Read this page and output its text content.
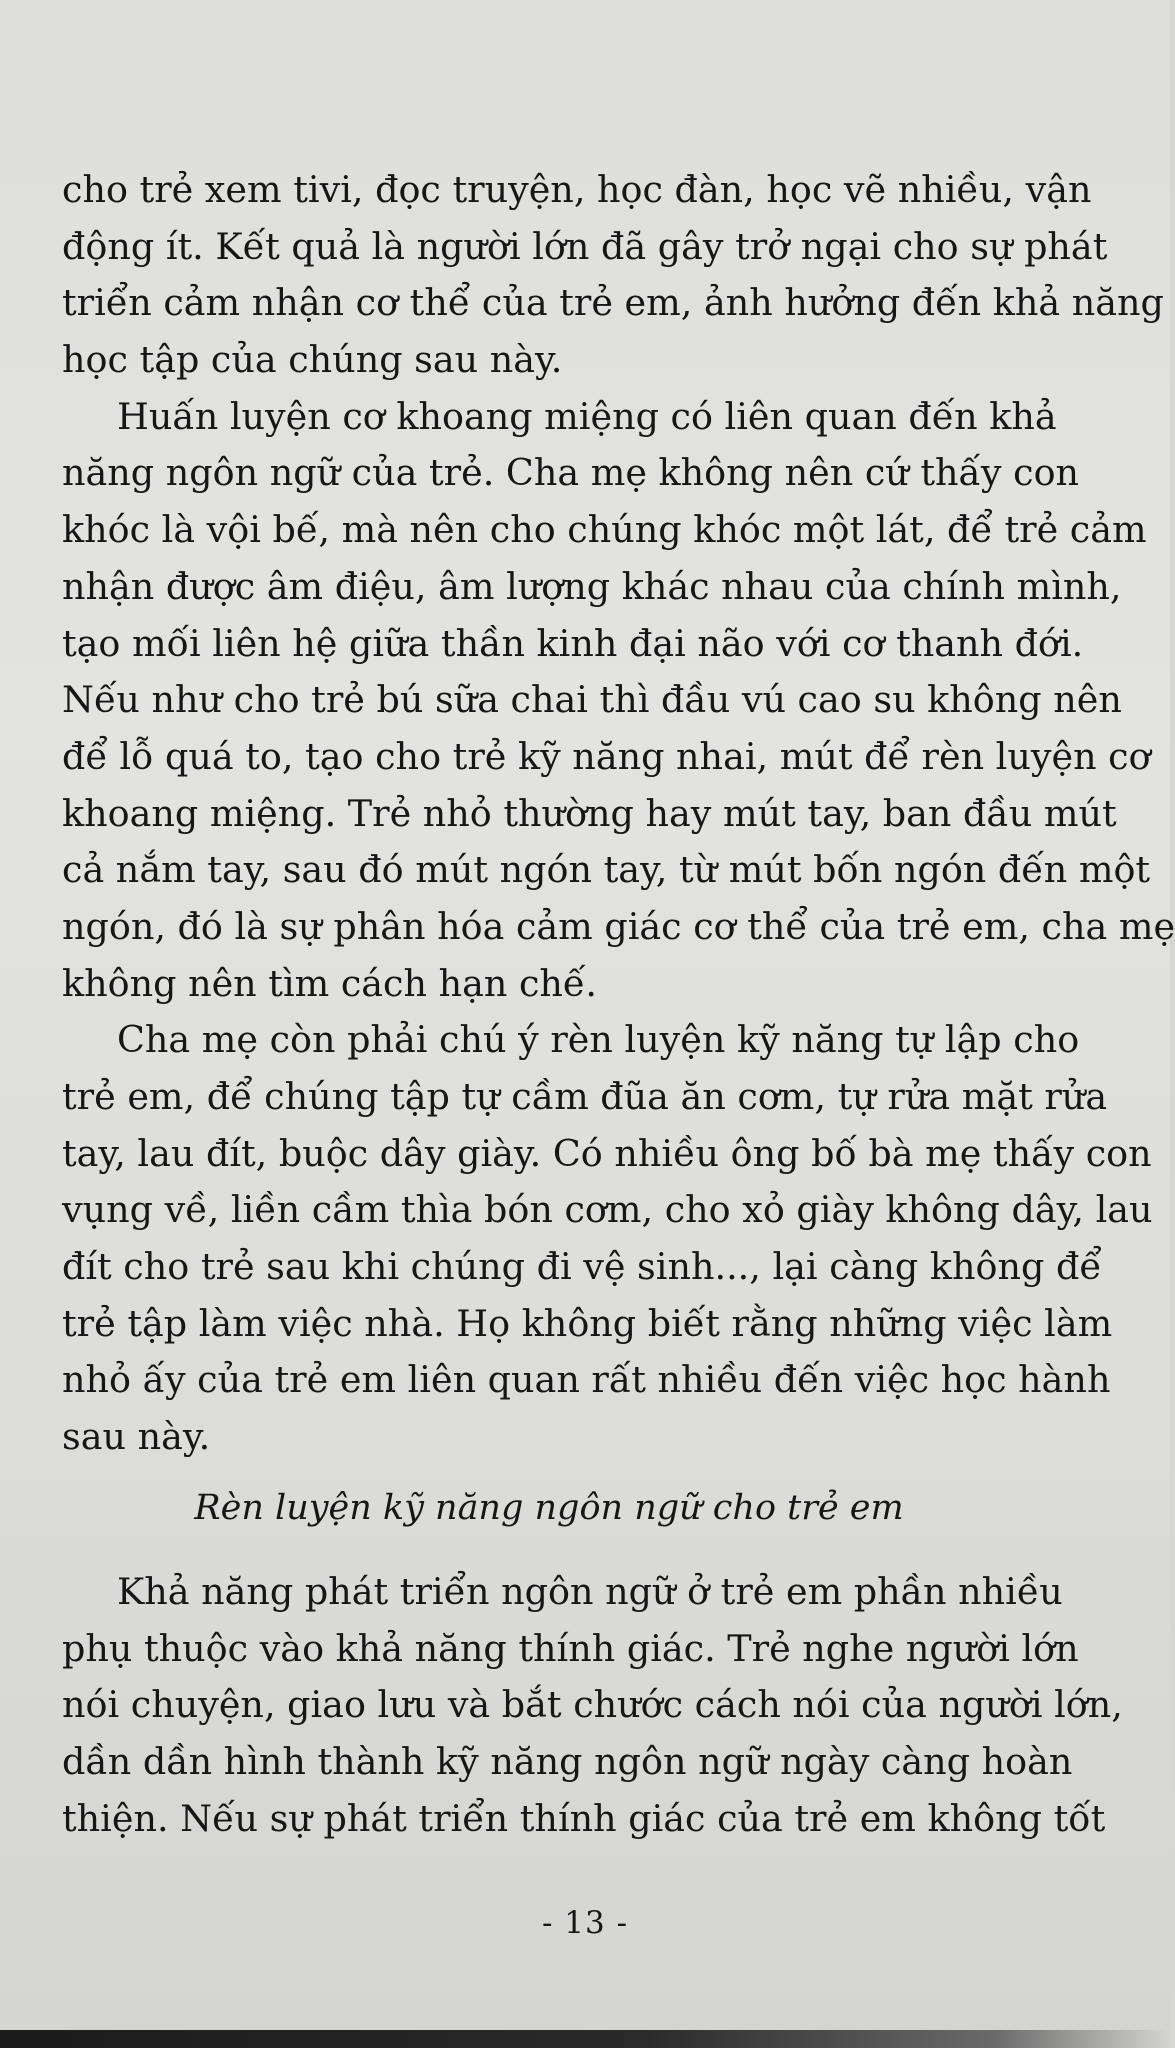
cho trẻ xem tivi, đọc truyện, học đàn, học vẽ nhiều, vận
động ít. Kết quả là người lớn đã gây trở ngại cho sự phát
triển cảm nhận cơ thể của trẻ em, ảnh hưởng đến khả năng
học tập của chúng sau này.
Huấn luyện cơ khoang miệng có liên quan đến khả
năng ngôn ngữ của trẻ. Cha mẹ không nên cứ thấy con
khóc là vội bế, mà nên cho chúng khóc một lát, để trẻ cảm
nhận được âm điệu, âm lượng khác nhau của chính mình,
tạo mối liên hệ giữa thần kinh đại não với cơ thanh đới.
Nếu như cho trẻ bú sữa chai thì đầu vú cao su không nên
để lỗ quá to, tạo cho trẻ kỹ năng nhai, mút để rèn luyện cơ
khoang miệng. Trẻ nhỏ thường hay mút tay, ban đầu mút
cả nắm tay, sau đó mút ngón tay, từ mút bốn ngón đến một
ngón, đó là sự phân hóa cảm giác cơ thể của trẻ em, cha mẹ
không nên tìm cách hạn chế.
Cha mẹ còn phải chú ý rèn luyện kỹ năng tự lập cho
trẻ em, để chúng tập tự cầm đũa ăn cơm, tự rửa mặt rửa
tay, lau đít, buộc dây giày. Có nhiều ông bố bà mẹ thấy con
vụng về, liền cầm thìa bón cơm, cho xỏ giày không dây, lau
đít cho trẻ sau khi chúng đi vệ sinh..., lại càng không để
trẻ tập làm việc nhà. Họ không biết rằng những việc làm
nhỏ ấy của trẻ em liên quan rất nhiều đến việc học hành
sau này.
Rèn luyện kỹ năng ngôn ngữ cho trẻ em
Khả năng phát triển ngôn ngữ ở trẻ em phần nhiều
phụ thuộc vào khả năng thính giác. Trẻ nghe người lớn
nói chuyện, giao lưu và bắt chước cách nói của người lớn,
dần dần hình thành kỹ năng ngôn ngữ ngày càng hoàn
thiện. Nếu sự phát triển thính giác của trẻ em không tốt
- 13 -
